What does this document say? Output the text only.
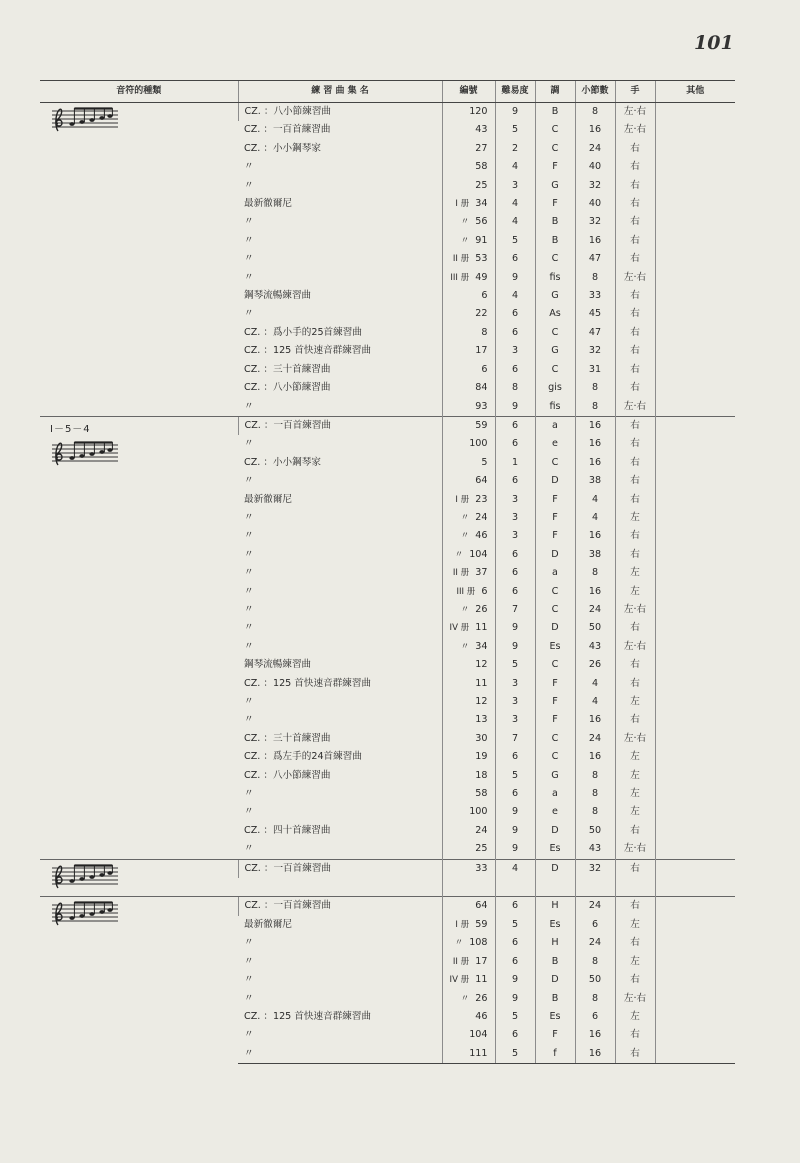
101
音符的種類	練 習 曲 集 名	編號	難易度	調	小節數	手	其他

	CZ. ：八小節練習曲	120	9	B	8	左·右	
	CZ. ：一百首練習曲	43	5	C	16	左·右	
	CZ. ：小小鋼琴家	27	2	C	24	右	
	〃	58	4	F	40	右	
	〃	25	3	G	32	右	
	最新徹爾尼	I 册 34	4	F	40	右	
	〃	〃 56	4	B	32	右	
	〃	〃 91	5	B	16	右	
	〃	II 册 53	6	C	47	右	
	〃	III 册 49	9	fis	8	左·右	
	鋼琴流暢練習曲	6	4	G	33	右	
	〃	22	6	As	45	右	
	CZ. ：爲小手的25首練習曲	8	6	C	47	右	
	CZ. ：125 首快速音群練習曲	17	3	G	32	右	
	CZ. ：三十首練習曲	6	6	C	31	右	
	CZ. ：八小節練習曲	84	8	gis	8	右	
	〃	93	9	fis	8	左·右	

I－5－4	CZ. ：一百首練習曲	59	6	a	16	右	
	〃	100	6	e	16	右	
	CZ. ：小小鋼琴家	5	1	C	16	右	
	〃	64	6	D	38	右	
	最新徹爾尼	I 册 23	3	F	4	右	
	〃	〃 24	3	F	4	左	
	〃	〃 46	3	F	16	右	
	〃	〃 104	6	D	38	右	
	〃	II 册 37	6	a	8	左	
	〃	III 册 6	6	C	16	左	
	〃	〃 26	7	C	24	左·右	
	〃	IV 册 11	9	D	50	右	
	〃	〃 34	9	Es	43	左·右	
	鋼琴流暢練習曲	12	5	C	26	右	
	CZ. ：125 首快速音群練習曲	11	3	F	4	右	
	〃	12	3	F	4	左	
	〃	13	3	F	16	右	
	CZ. ：三十首練習曲	30	7	C	24	左·右	
	CZ. ：爲左手的24首練習曲	19	6	C	16	左	
	CZ. ：八小節練習曲	18	5	G	8	左	
	〃	58	6	a	8	左	
	〃	100	9	e	8	左	
	CZ. ：四十首練習曲	24	9	D	50	右	
	〃	25	9	Es	43	左·右	

	CZ. ：一百首練習曲	33	4	D	32	右	

	CZ. ：一百首練習曲	64	6	H	24	右	
	最新徹爾尼	I 册 59	5	Es	6	左	
	〃	〃 108	6	H	24	右	
	〃	II 册 17	6	B	8	左	
	〃	IV 册 11	9	D	50	右	
	〃	〃 26	9	B	8	左·右	
	CZ. ：125 首快速音群練習曲	46	5	Es	6	左	
	〃	104	6	F	16	右	
	〃	111	5	f	16	右	
